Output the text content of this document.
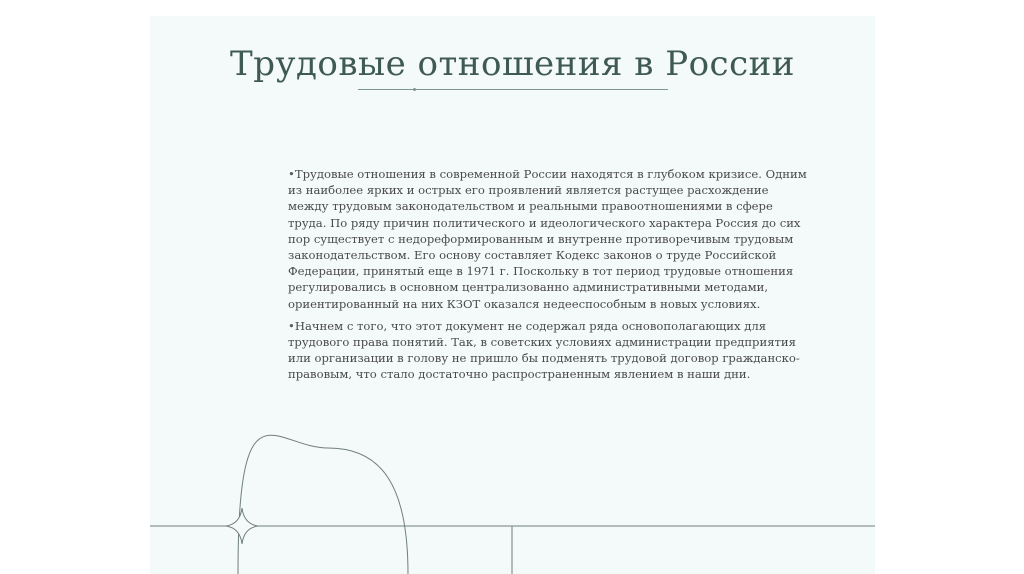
Трудовые отношения в России

•Трудовые отношения в современной России находятся в глубоком кризисе. Одним из наиболее ярких и острых его проявлений является растущее расхождение между трудовым законодательством и реальными правоотношениями в сфере труда. По ряду причин политического и идеологического характера Россия до сих пор существует с недореформированным и внутренне противоречивым трудовым законодательством. Его основу составляет Кодекс законов о труде Российской Федерации, принятый еще в 1971 г. Поскольку в тот период трудовые отношения регулировались в основном централизованно административными методами, ориентированный на них КЗОТ оказался недееспособным в новых условиях.

•Начнем с того, что этот документ не содержал ряда основополагающих для трудового права понятий. Так, в советских условиях администрации предприятия или организации в голову не пришло бы подменять трудовой договор гражданско-правовым, что стало достаточно распространенным явлением в наши дни.
